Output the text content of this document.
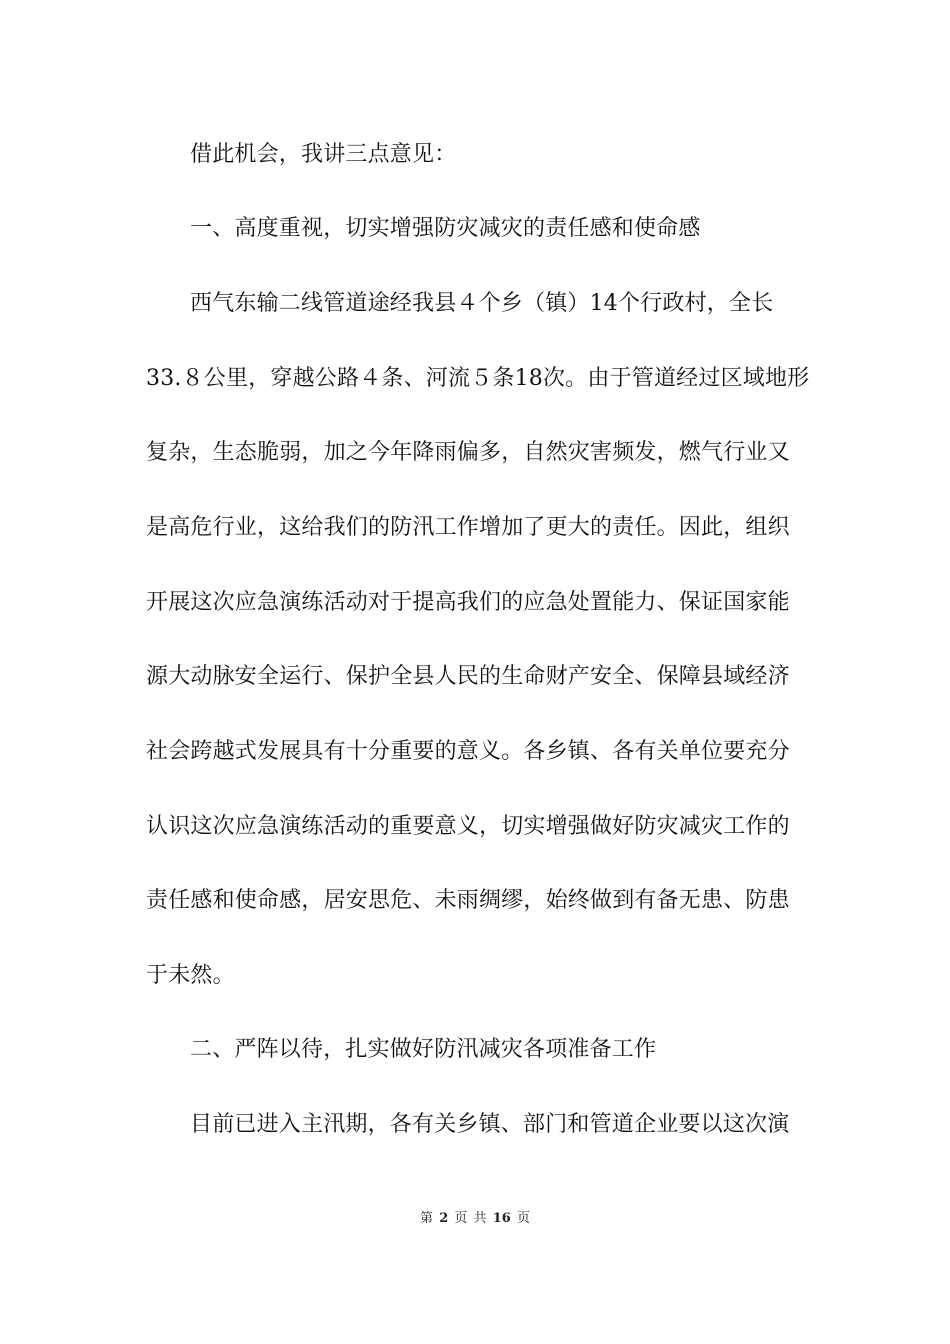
借此机会，我讲三点意见：
一、高度重视，切实增强防灾减灾的责任感和使命感
西气东输二线管道途经我县４个乡（镇）14个行政村，全长
33.８公里，穿越公路４条、河流５条18次。由于管道经过区域地形
复杂，生态脆弱，加之今年降雨偏多，自然灾害频发，燃气行业又
是高危行业，这给我们的防汛工作增加了更大的责任。因此，组织
开展这次应急演练活动对于提高我们的应急处置能力、保证国家能
源大动脉安全运行、保护全县人民的生命财产安全、保障县域经济
社会跨越式发展具有十分重要的意义。各乡镇、各有关单位要充分
认识这次应急演练活动的重要意义，切实增强做好防灾减灾工作的
责任感和使命感，居安思危、未雨绸缪，始终做到有备无患、防患
于未然。
二、严阵以待，扎实做好防汛减灾各项准备工作
目前已进入主汛期，各有关乡镇、部门和管道企业要以这次演
第 2 页 共 16 页
